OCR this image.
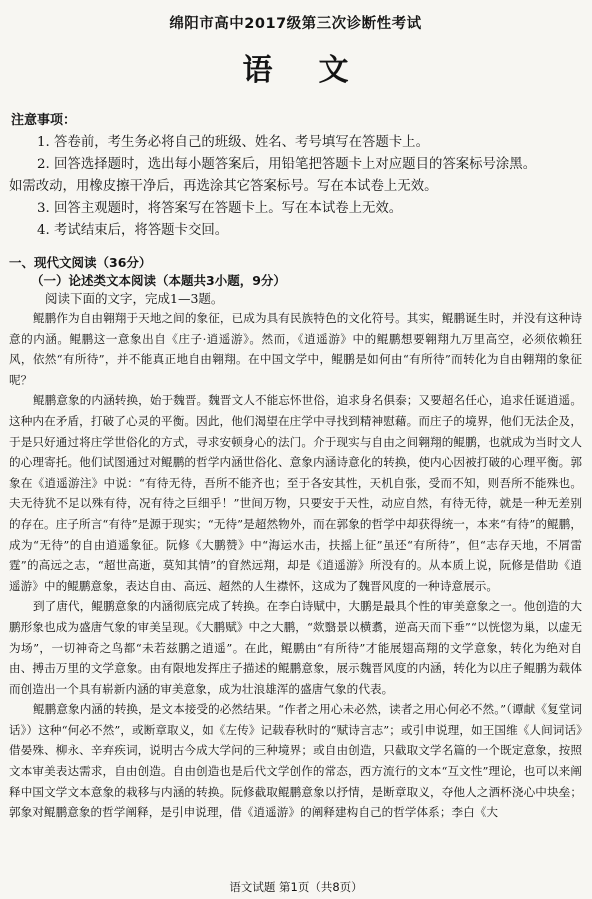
绵阳市高中2017级第三次诊断性考试
语文
注意事项：

1. 答卷前，考生务必将自己的班级、姓名、考号填写在答题卡上。

2. 回答选择题时，选出每小题答案后，用铅笔把答题卡上对应题目的答案标号涂黑。

如需改动，用橡皮擦干净后，再选涂其它答案标号。写在本试卷上无效。

3. 回答主观题时，将答案写在答题卡上。写在本试卷上无效。

4. 考试结束后，将答题卡交回。

一、现代文阅读（36分）
（一）论述类文本阅读（本题共3小题，9分）
阅读下面的文字，完成1—3题。

鲲鹏作为自由翱翔于天地之间的象征，已成为具有民族特色的文化符号。其实，鲲鹏诞生时，并没有这种诗意的内涵。鲲鹏这一意象出自《庄子·逍遥游》。然而，《逍遥游》中的鲲鹏想要翱翔九万里高空，必须依赖狂风，依然“有所待”，并不能真正地自由翱翔。在中国文学中，鲲鹏是如何由“有所待”而转化为自由翱翔的象征呢？

鲲鹏意象的内涵转换，始于魏晋。魏晋文人不能忘怀世俗，追求身名俱泰；又要超名任心，追求任诞逍遥。这种内在矛盾，打破了心灵的平衡。因此，他们渴望在庄学中寻找到精神慰藉。而庄子的境界，他们无法企及，于是只好通过将庄学世俗化的方式，寻求安顿身心的法门。介于现实与自由之间翱翔的鲲鹏，也就成为当时文人的心理寄托。他们试图通过对鲲鹏的哲学内涵世俗化、意象内涵诗意化的转换，使内心因被打破的心理平衡。郭象在《逍遥游注》中说：“有待无待，吾所不能齐也；至于各安其性，天机自张，受而不知，则吾所不能殊也。夫无待犹不足以殊有待，况有待之巨细乎！”世间万物，只要安于天性，动应自然，有待无待，就是一种无差别的存在。庄子所言“有待”是源于现实；“无待”是超然物外，而在郭象的哲学中却获得统一，本来“有待”的鲲鹏，成为“无待”的自由逍遥象征。阮修《大鹏赞》中“海运水击，扶摇上征”虽还“有所待”，但“志存天地，不屑雷霆”的高远之志，“超世高逝，莫知其情”的窅然远翔，却是《逍遥游》所没有的。从本质上说，阮修是借助《逍遥游》中的鲲鹏意象，表达自由、高远、超然的人生襟怀，这成为了魏晋风度的一种诗意展示。

到了唐代，鲲鹏意象的内涵彻底完成了转换。在李白诗赋中，大鹏是最具个性的审美意象之一。他创造的大鹏形象也成为盛唐气象的审美呈现。《大鹏赋》中之大鹏，“欻翳景以横翥，逆高天而下垂”“以恍惚为巢，以虚无为场”，一切神奇之鸟都“未若兹鹏之逍遥”。在此，鲲鹏由“有所待”才能展翅高翔的文学意象，转化为绝对自由、搏击万里的文学意象。由有限地发挥庄子描述的鲲鹏意象，展示魏晋风度的内涵，转化为以庄子鲲鹏为载体而创造出一个具有崭新内涵的审美意象，成为壮浪雄浑的盛唐气象的代表。

鲲鹏意象内涵的转换，是文本接受的必然结果。“作者之用心未必然，读者之用心何必不然。”（谭献《复堂词话》）这种“何必不然”，或断章取义，如《左传》记载春秋时的“赋诗言志”；或引申说理，如王国维《人间词话》借晏殊、柳永、辛弃疾词，说明古今成大学问的三种境界；或自由创造，只截取文学名篇的一个既定意象，按照文本审美表达需求，自由创造。自由创造也是后代文学创作的常态，西方流行的文本“互文性”理论，也可以来阐释中国文学文本意象的栽移与内涵的转换。阮修截取鲲鹏意象以抒情，是断章取义，夺他人之酒杯浇心中块垒；郭象对鲲鹏意象的哲学阐释，是引申说理，借《逍遥游》的阐释建构自己的哲学体系；李白《大

语文试题 第1页（共8页）
